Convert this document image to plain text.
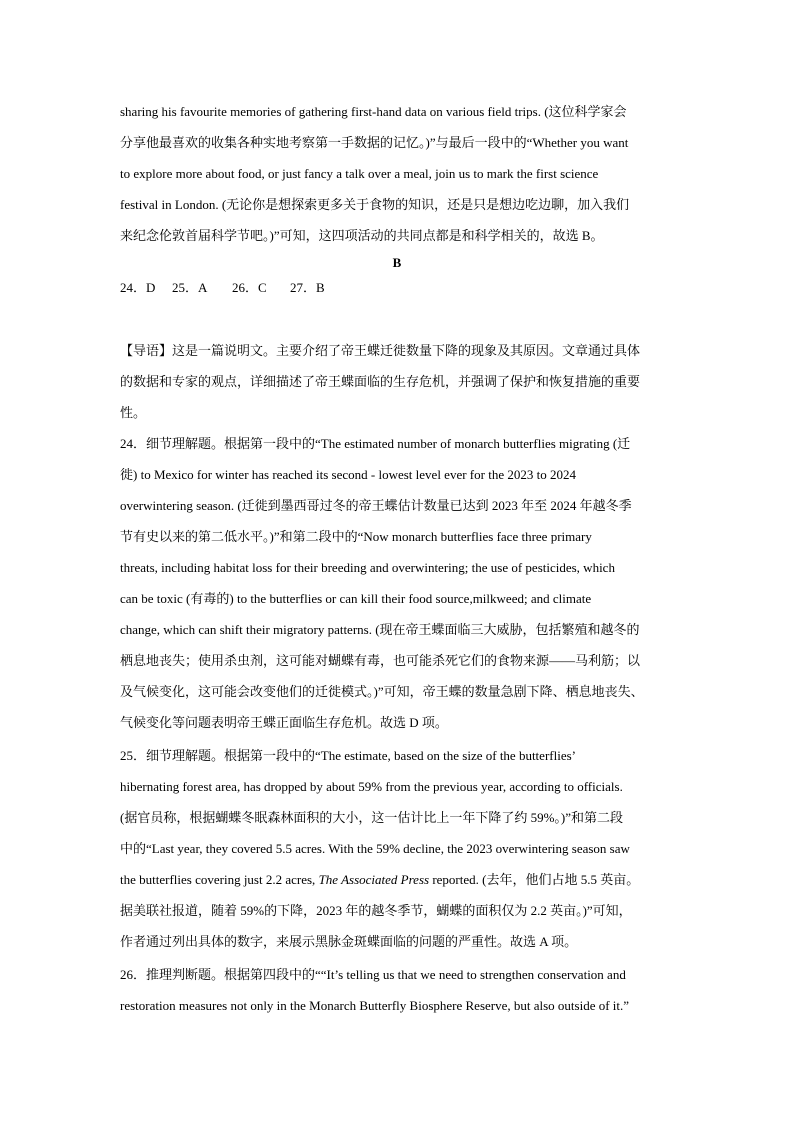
sharing his favourite memories of gathering first-hand data on various field trips. (这位科学家会
分享他最喜欢的收集各种实地考察第一手数据的记忆。)”与最后一段中的“Whether you want
to explore more about food, or just fancy a talk over a meal, join us to mark the first science
festival in London. (无论你是想探索更多关于食物的知识，还是只是想边吃边聊，加入我们
来纪念伦敦首届科学节吧。)”可知，这四项活动的共同点都是和科学相关的，故选 B。
B
24．D 25．A 26．C 27．B
【导语】这是一篇说明文。主要介绍了帝王蝶迁徙数量下降的现象及其原因。文章通过具体
的数据和专家的观点，详细描述了帝王蝶面临的生存危机，并强调了保护和恢复措施的重要
性。
24．细节理解题。根据第一段中的“The estimated number of monarch butterflies migrating (迁
徙) to Mexico for winter has reached its second - lowest level ever for the 2023 to 2024
overwintering season. (迁徙到墨西哥过冬的帝王蝶估计数量已达到 2023 年至 2024 年越冬季
节有史以来的第二低水平。)”和第二段中的“Now monarch butterflies face three primary
threats, including habitat loss for their breeding and overwintering; the use of pesticides, which
can be toxic (有毒的) to the butterflies or can kill their food source,milkweed; and climate
change, which can shift their migratory patterns. (现在帝王蝶面临三大威胁，包括繁殖和越冬的
栖息地丧失；使用杀虫剂，这可能对蝴蝶有毒，也可能杀死它们的食物来源——马利筋；以
及气候变化，这可能会改变他们的迁徙模式。)”可知，帝王蝶的数量急剧下降、栖息地丧失、
气候变化等问题表明帝王蝶正面临生存危机。故选 D 项。
25．细节理解题。根据第一段中的“The estimate, based on the size of the butterflies’
hibernating forest area, has dropped by about 59% from the previous year, according to officials.
(据官员称，根据蝴蝶冬眠森林面积的大小，这一估计比上一年下降了约 59%。)”和第二段
中的“Last year, they covered 5.5 acres. With the 59% decline, the 2023 overwintering season saw
the butterflies covering just 2.2 acres, The Associated Press reported. (去年，他们占地 5.5 英亩。
据美联社报道，随着 59%的下降，2023 年的越冬季节，蝴蝶的面积仅为 2.2 英亩。)”可知，
作者通过列出具体的数字，来展示黑脉金斑蝶面临的问题的严重性。故选 A 项。
26．推理判断题。根据第四段中的““It’s telling us that we need to strengthen conservation and
restoration measures not only in the Monarch Butterfly Biosphere Reserve, but also outside of it.”
